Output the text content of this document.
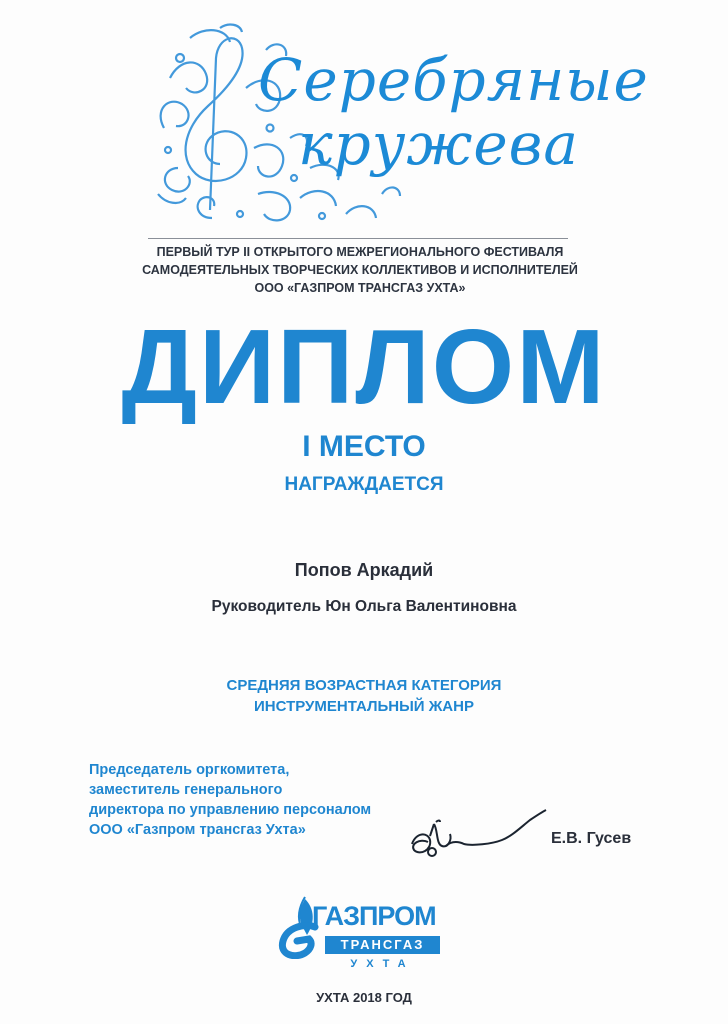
Серебряные
кружева
ПЕРВЫЙ ТУР II ОТКРЫТОГО МЕЖРЕГИОНАЛЬНОГО ФЕСТИВАЛЯ
САМОДЕЯТЕЛЬНЫХ ТВОРЧЕСКИХ КОЛЛЕКТИВОВ И ИСПОЛНИТЕЛЕЙ
ООО «ГАЗПРОМ ТРАНСГАЗ УХТА»
ДИПЛОМ
I МЕСТО
НАГРАЖДАЕТСЯ
Попов Аркадий
Руководитель Юн Ольга Валентиновна
СРЕДНЯЯ ВОЗРАСТНАЯ КАТЕГОРИЯ
ИНСТРУМЕНТАЛЬНЫЙ ЖАНР
Председатель оргкомитета,
заместитель генерального
директора по управлению персоналом
ООО «Газпром трансгаз Ухта»	Е.В. Гусев
ГАЗПРОМ
ТРАНСГАЗ
УХТА
УХТА 2018 ГОД
